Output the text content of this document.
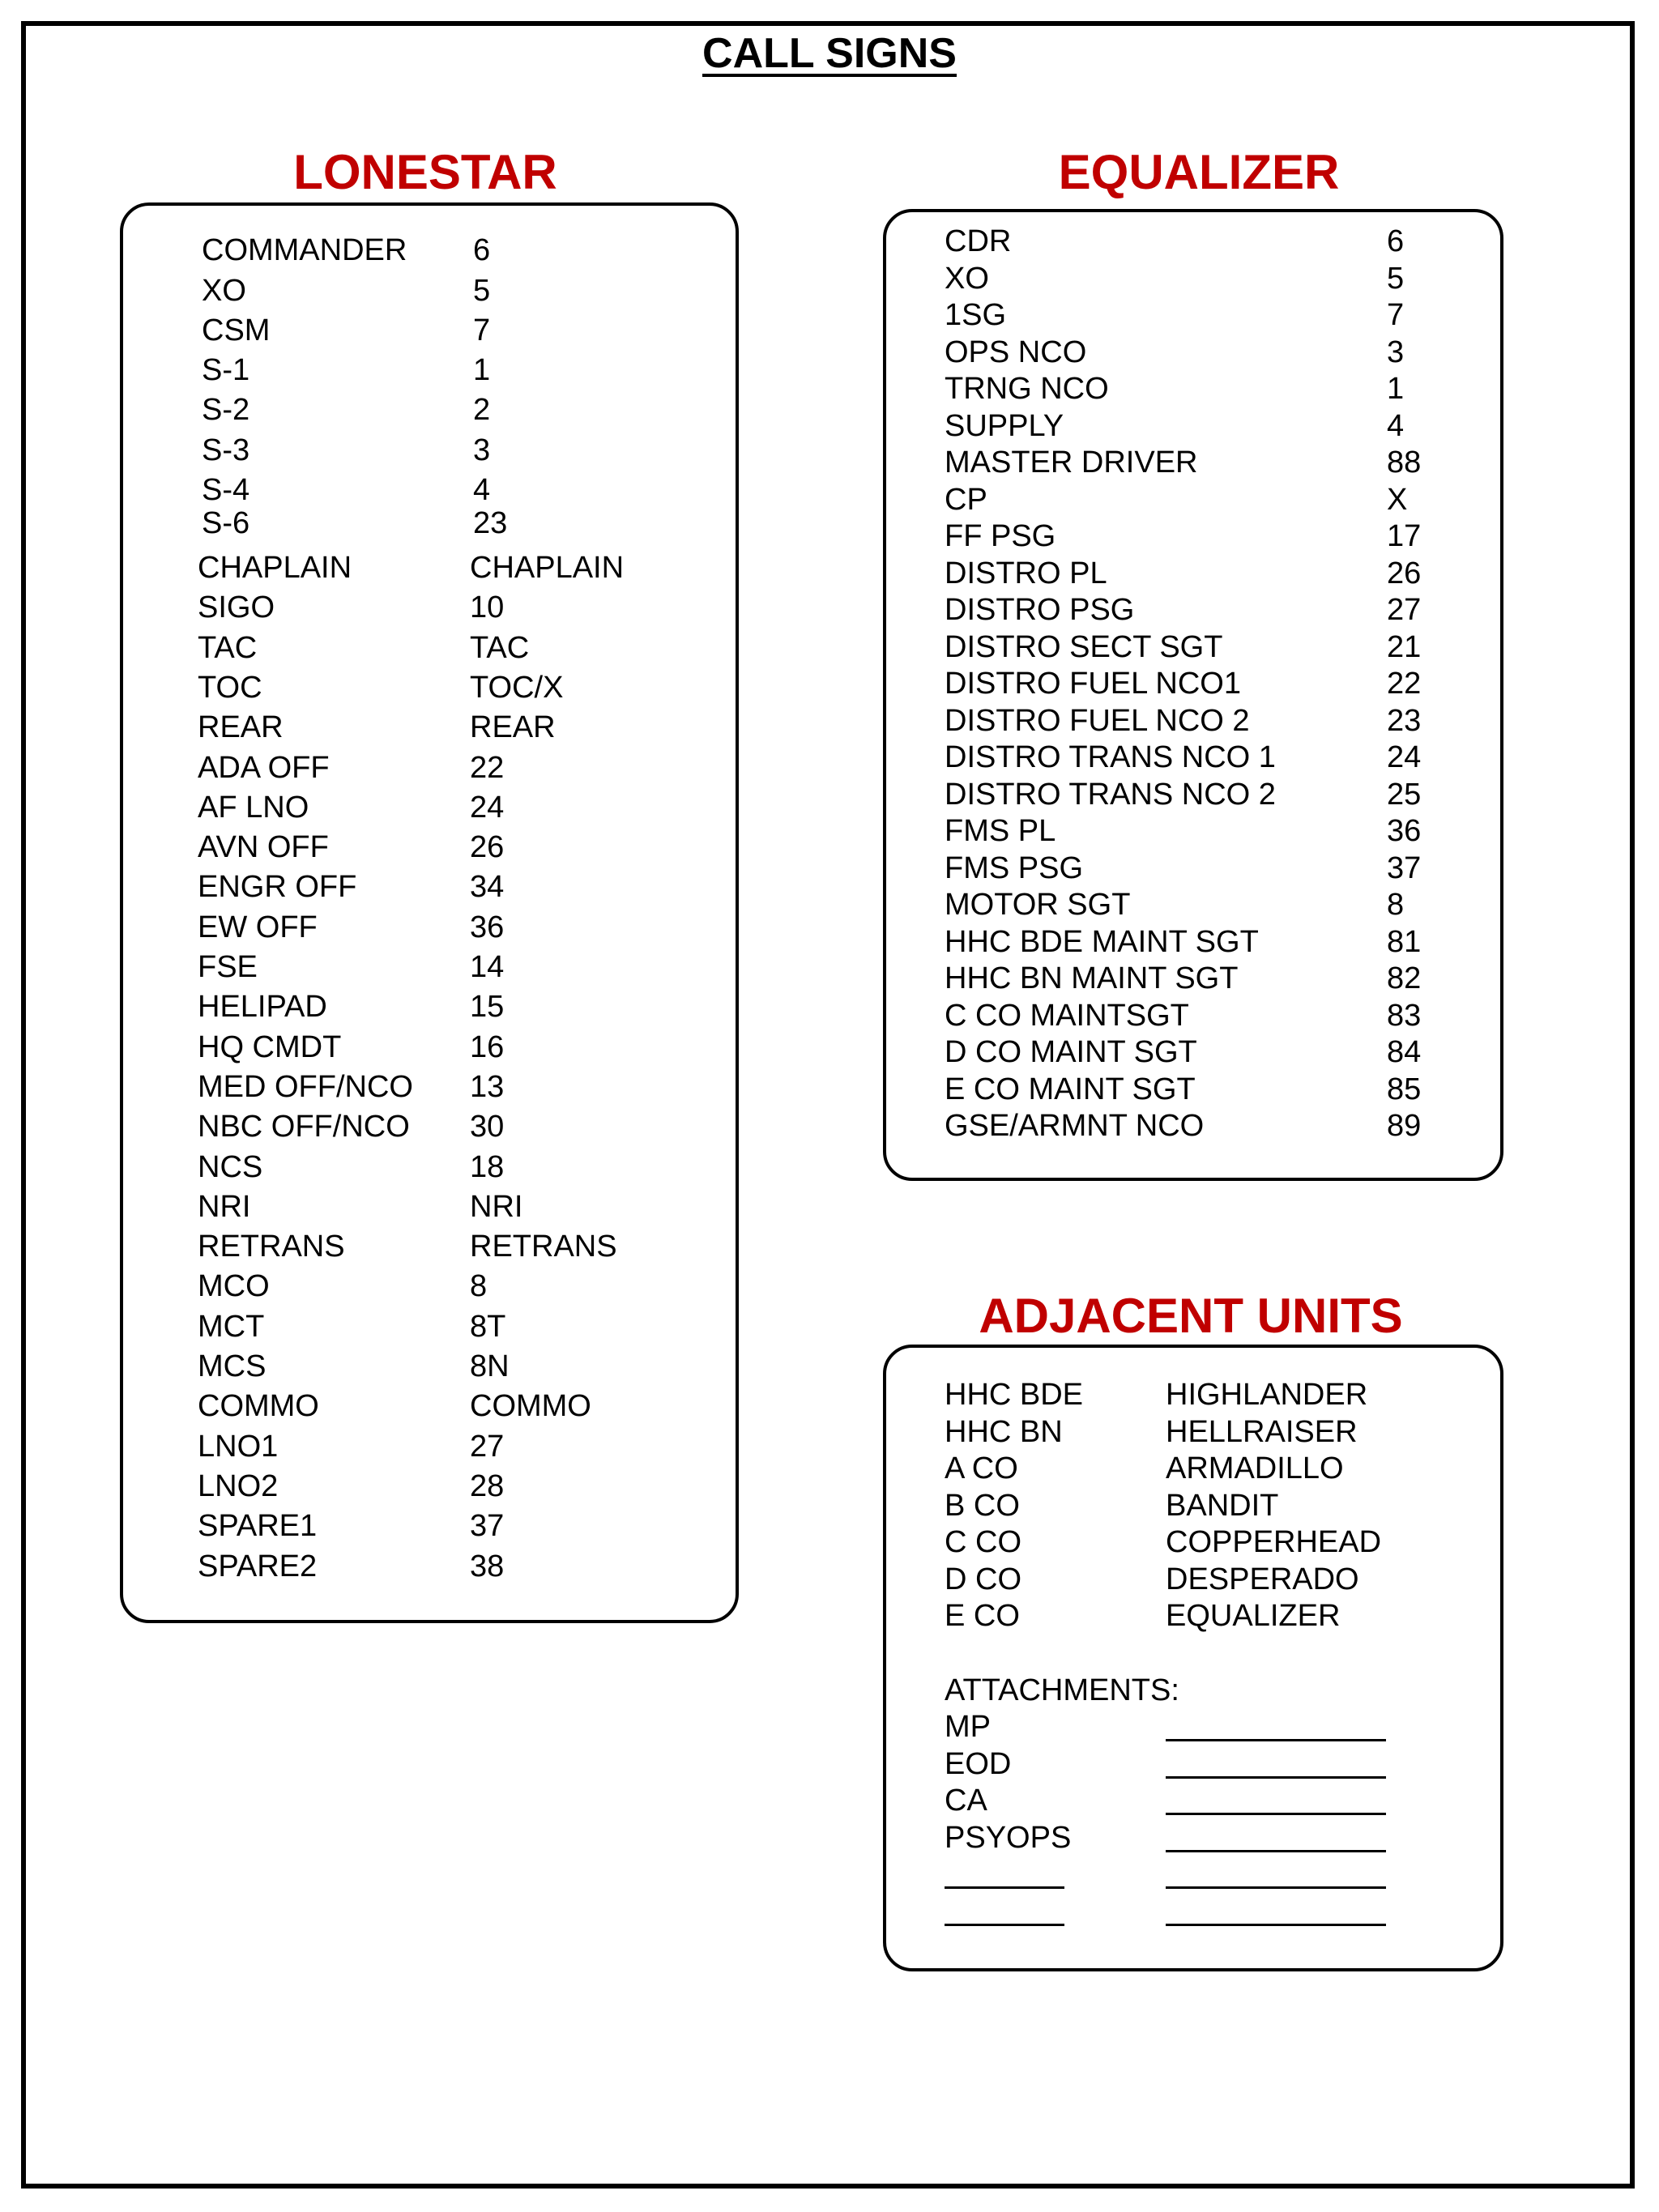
CALL SIGNS
LONESTAR
COMMANDER 6
XO	5
CSM	7
S-1	1
S-2	2
S-3	3
S-4	4
S-6	23
CHAPLAIN	CHAPLAIN
SIGO	10
TAC	TAC
TOC	TOC/X
REAR	REAR
ADA OFF	22
AF LNO	24
AVN OFF	26
ENGR OFF	34
EW OFF	36
FSE	14
HELIPAD	15
HQ CMDT	16
MED OFF/NCO 13
NBC OFF/NCO 30
NCS	18
NRI	NRI
RETRANS	RETRANS
MCO	8
MCT	8T
MCS	8N
COMMO	COMMO
LNO1	27
LNO2	28
SPARE1	37
SPARE2	38
EQUALIZER
CDR	6
XO	5
1SG	7
OPS NCO	3
TRNG NCO	1
SUPPLY	4
MASTER DRIVER	88
CP	X
FF PSG	17
DISTRO PL	26
DISTRO PSG	27
DISTRO SECT SGT	21
DISTRO FUEL NCO1	22
DISTRO FUEL NCO 2	23
DISTRO TRANS NCO 1	24
DISTRO TRANS NCO 2	25
FMS PL	36
FMS PSG	37
MOTOR SGT	8
HHC BDE MAINT SGT	81
HHC BN MAINT SGT	82
C CO MAINTSGT	83
D CO MAINT SGT	84
E CO MAINT SGT	85
GSE/ARMNT NCO	89
ADJACENT UNITS
HHC BDE	HIGHLANDER
HHC BN	HELLRAISER
A CO	ARMADILLO
B CO	BANDIT
C CO	COPPERHEAD
D CO	DESPERADO
E CO	EQUALIZER
ATTACHMENTS:
MP
EOD
CA
PSYOPS
